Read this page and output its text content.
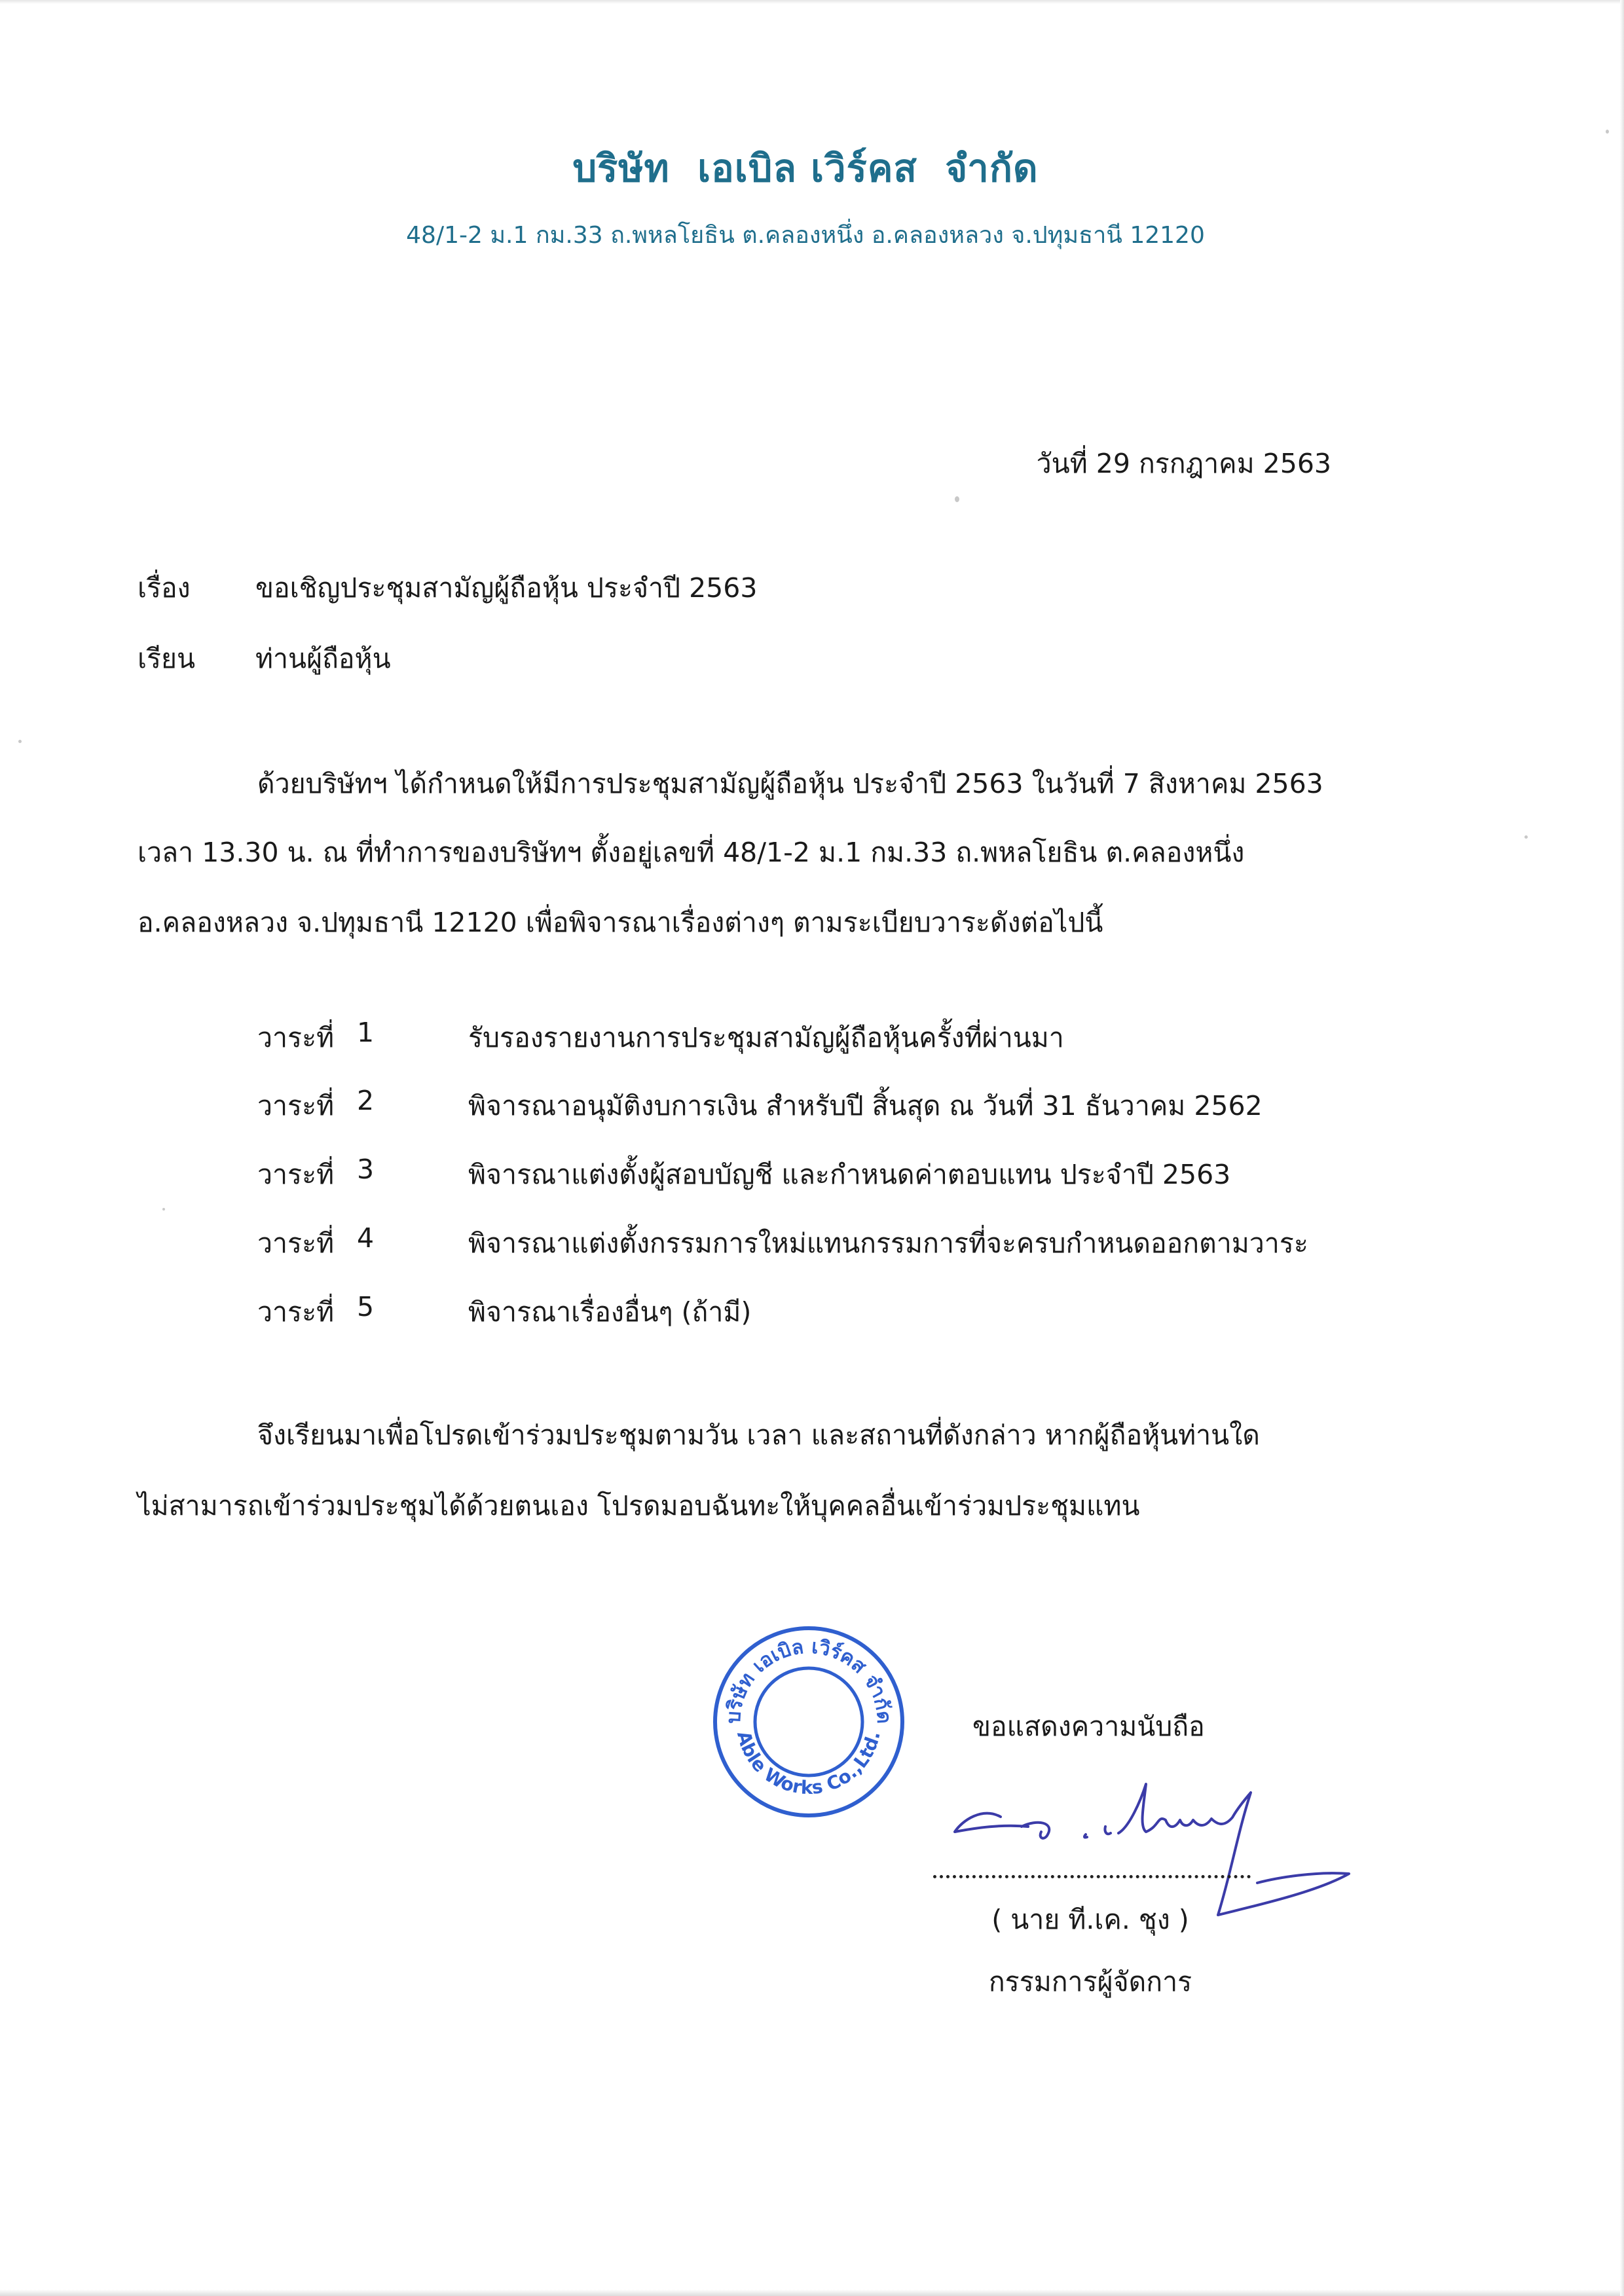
บริษัท  เอเบิล เวิร์คส  จำกัด
48/1-2 ม.1 กม.33 ถ.พหลโยธิน ต.คลองหนึ่ง อ.คลองหลวง จ.ปทุมธานี 12120
วันที่ 29 กรกฎาคม 2563
เรื่อง ขอเชิญประชุมสามัญผู้ถือหุ้น ประจำปี 2563
เรียน ท่านผู้ถือหุ้น
ด้วยบริษัทฯ ได้กำหนดให้มีการประชุมสามัญผู้ถือหุ้น ประจำปี 2563 ในวันที่ 7 สิงหาคม 2563
เวลา 13.30 น. ณ ที่ทำการของบริษัทฯ ตั้งอยู่เลขที่ 48/1-2 ม.1 กม.33 ถ.พหลโยธิน ต.คลองหนึ่ง
อ.คลองหลวง จ.ปทุมธานี 12120 เพื่อพิจารณาเรื่องต่างๆ ตามระเบียบวาระดังต่อไปนี้
วาระที่ 1	รับรองรายงานการประชุมสามัญผู้ถือหุ้นครั้งที่ผ่านมา
วาระที่ 2	พิจารณาอนุมัติงบการเงิน สำหรับปี สิ้นสุด ณ วันที่ 31 ธันวาคม 2562
วาระที่ 3	พิจารณาแต่งตั้งผู้สอบบัญชี และกำหนดค่าตอบแทน ประจำปี 2563
วาระที่ 4	พิจารณาแต่งตั้งกรรมการใหม่แทนกรรมการที่จะครบกำหนดออกตามวาระ
วาระที่ 5	พิจารณาเรื่องอื่นๆ (ถ้ามี)
จึงเรียนมาเพื่อโปรดเข้าร่วมประชุมตามวัน เวลา และสถานที่ดังกล่าว หากผู้ถือหุ้นท่านใด
ไม่สามารถเข้าร่วมประชุมได้ด้วยตนเอง โปรดมอบฉันทะให้บุคคลอื่นเข้าร่วมประชุมแทน
บริษัท เอเบิล เวิร์คส จำกัด
Able Works Co.,Ltd.	ขอแสดงความนับถือ
( นาย ที.เค. ชุง )
กรรมการผู้จัดการ
